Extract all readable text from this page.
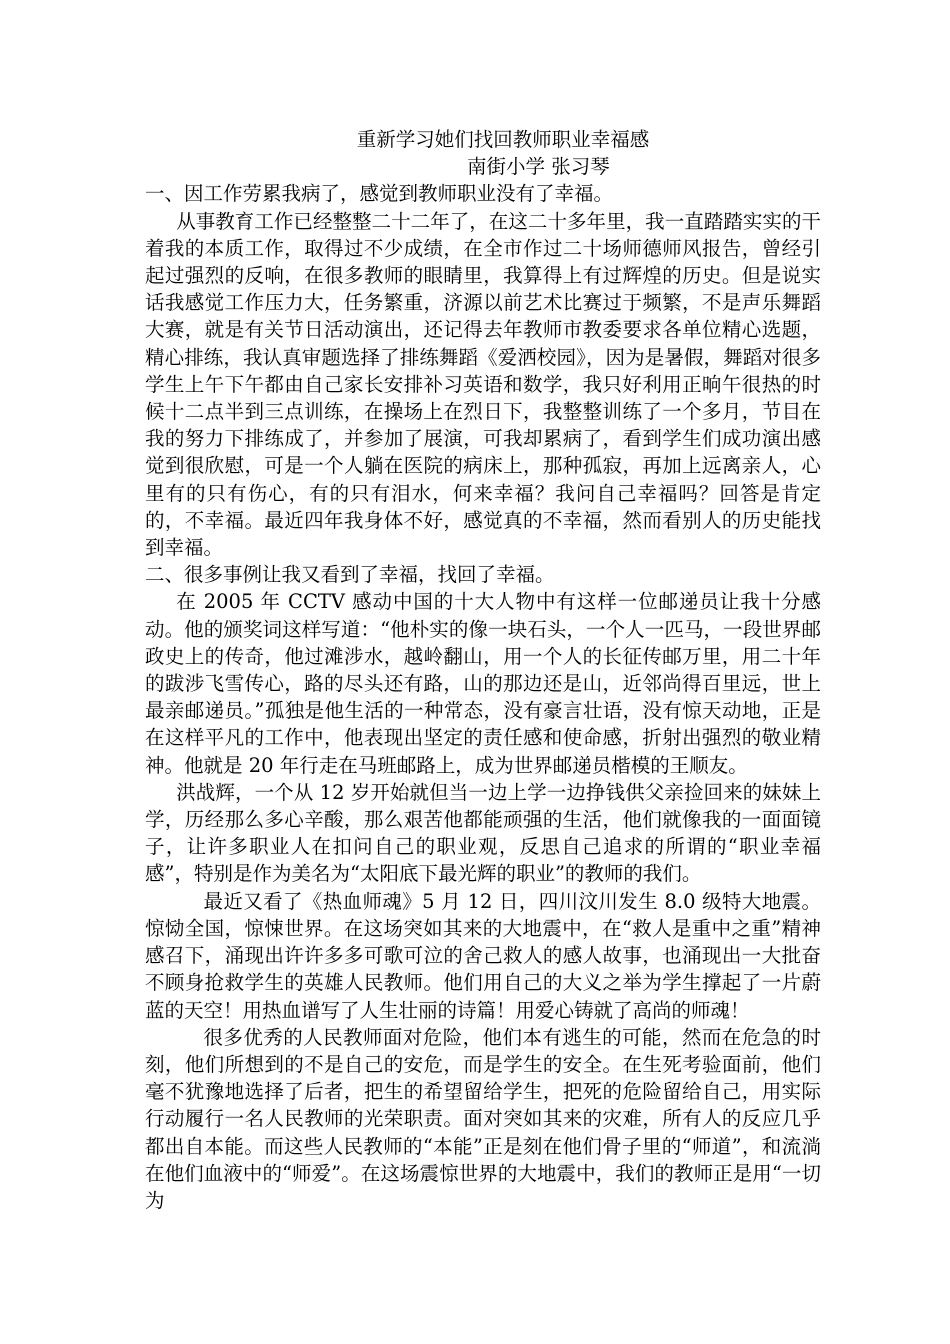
重新学习她们找回教师职业幸福感

南街小学 张习琴

一、因工作劳累我病了，感觉到教师职业没有了幸福。

从事教育工作已经整整二十二年了，在这二十多年里，我一直踏踏实实的干着我的本质工作，取得过不少成绩，在全市作过二十场师德师风报告，曾经引起过强烈的反响，在很多教师的眼睛里，我算得上有过辉煌的历史。但是说实话我感觉工作压力大，任务繁重，济源以前艺术比赛过于频繁，不是声乐舞蹈大赛，就是有关节日活动演出，还记得去年教师市教委要求各单位精心选题，精心排练，我认真审题选择了排练舞蹈《爱洒校园》，因为是暑假，舞蹈对很多学生上午下午都由自己家长安排补习英语和数学，我只好利用正晌午很热的时候十二点半到三点训练，在操场上在烈日下，我整整训练了一个多月，节目在我的努力下排练成了，并参加了展演，可我却累病了，看到学生们成功演出感觉到很欣慰，可是一个人躺在医院的病床上，那种孤寂，再加上远离亲人，心里有的只有伤心，有的只有泪水，何来幸福？我问自己幸福吗？回答是肯定的，不幸福。最近四年我身体不好，感觉真的不幸福，然而看别人的历史能找到幸福。

二、很多事例让我又看到了幸福，找回了幸福。

在 2005 年 CCTV 感动中国的十大人物中有这样一位邮递员让我十分感动。他的颁奖词这样写道：“他朴实的像一块石头，一个人一匹马，一段世界邮政史上的传奇，他过滩涉水，越岭翻山，用一个人的长征传邮万里，用二十年的跋涉飞雪传心，路的尽头还有路，山的那边还是山，近邻尚得百里远，世上最亲邮递员。”孤独是他生活的一种常态，没有豪言壮语，没有惊天动地，正是在这样平凡的工作中，他表现出坚定的责任感和使命感，折射出强烈的敬业精神。他就是 20 年行走在马班邮路上，成为世界邮递员楷模的王顺友。

洪战辉，一个从 12 岁开始就但当一边上学一边挣钱供父亲捡回来的妹妹上学，历经那么多心辛酸，那么艰苦他都能顽强的生活，他们就像我的一面面镜子，让许多职业人在扣问自己的职业观，反思自己追求的所谓的“职业幸福感”，特别是作为美名为“太阳底下最光辉的职业”的教师的我们。

最近又看了《热血师魂》5 月 12 日，四川汶川发生 8.0 级特大地震。惊恸全国，惊悚世界。在这场突如其来的大地震中，在“救人是重中之重”精神感召下，涌现出许许多多可歌可泣的舍己救人的感人故事，也涌现出一大批奋不顾身抢救学生的英雄人民教师。他们用自己的大义之举为学生撑起了一片蔚蓝的天空！用热血谱写了人生壮丽的诗篇！用爱心铸就了高尚的师魂！

很多优秀的人民教师面对危险，他们本有逃生的可能，然而在危急的时刻，他们所想到的不是自己的安危，而是学生的安全。在生死考验面前，他们毫不犹豫地选择了后者，把生的希望留给学生，把死的危险留给自己，用实际行动履行一名人民教师的光荣职责。面对突如其来的灾难，所有人的反应几乎都出自本能。而这些人民教师的“本能”正是刻在他们骨子里的“师道”，和流淌在他们血液中的“师爱”。在这场震惊世界的大地震中，我们的教师正是用“一切为
